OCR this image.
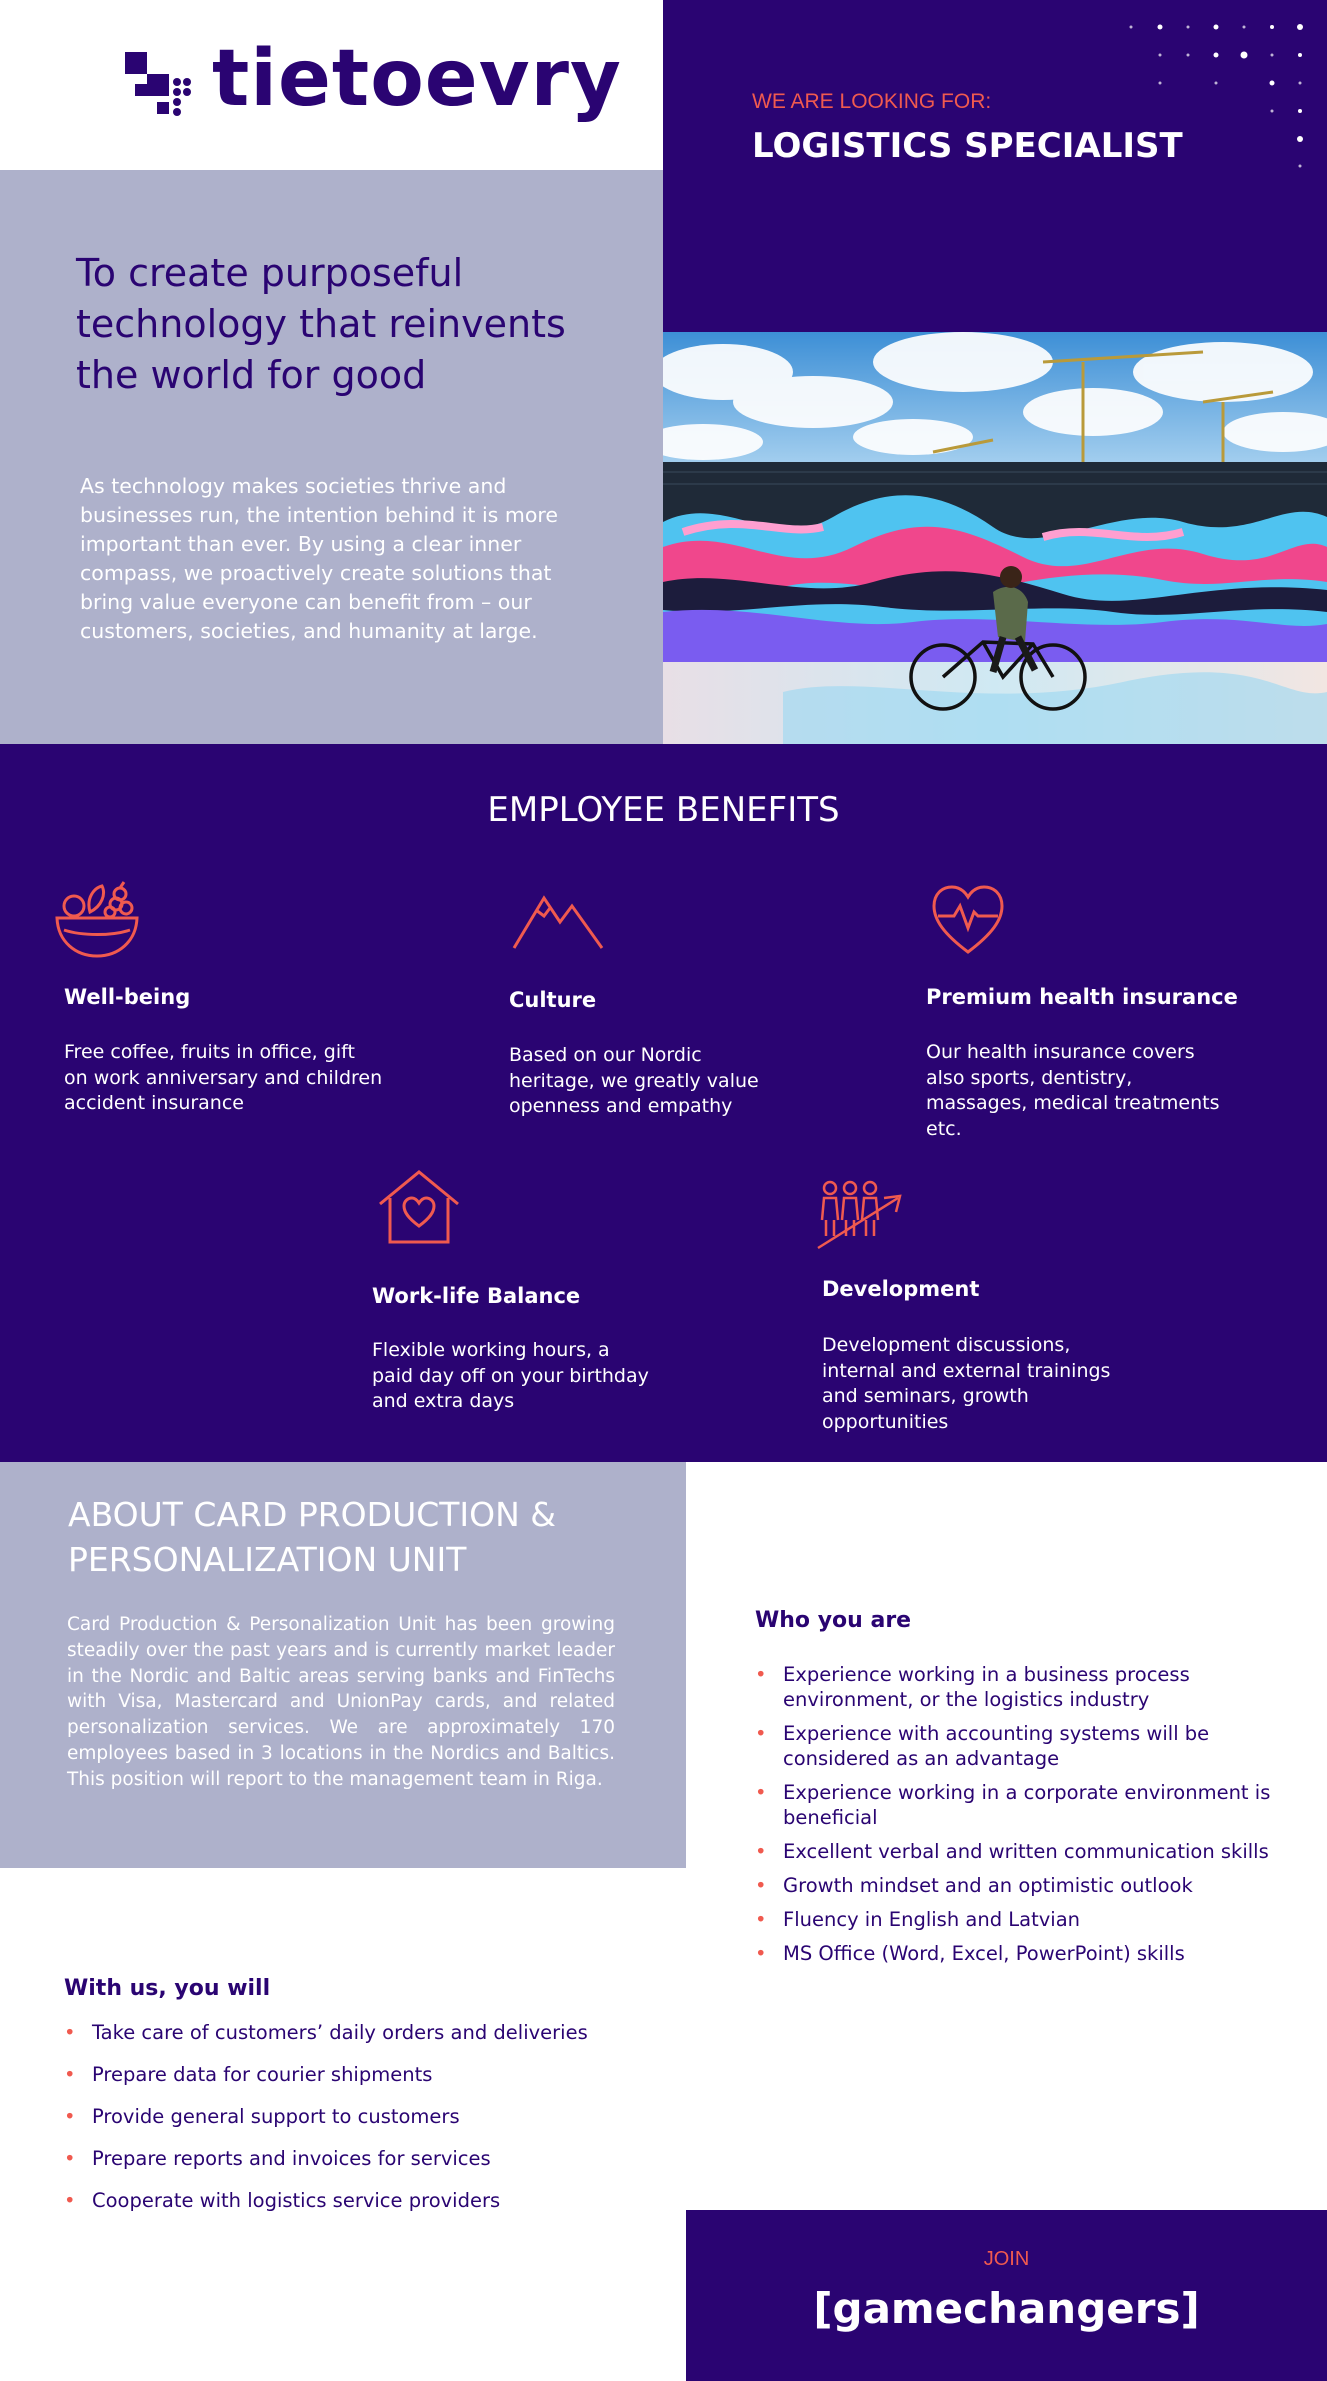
tietoevry	WE ARE LOOKING FOR:
LOGISTICS SPECIALIST
To create purposeful technology that reinvents the world for good
As technology makes societies thrive and businesses run, the intention behind it is more important than ever. By using a clear inner compass, we proactively create solutions that bring value everyone can benefit from – our customers, societies, and humanity at large.
EMPLOYEE BENEFITS
Well-being
Free coffee, fruits in office, gift on work anniversary and children accident insurance
Culture
Based on our Nordic heritage, we greatly value openness and empathy
Premium health insurance
Our health insurance covers also sports, dentistry, massages, medical treatments etc.
Work-life Balance
Flexible working hours, a paid day off on your birthday and extra days
Development
Development discussions, internal and external trainings and seminars, growth opportunities
ABOUT CARD PRODUCTION & PERSONALIZATION UNIT
Card Production & Personalization Unit has been growing steadily over the past years and is currently market leader in the Nordic and Baltic areas serving banks and FinTechs with Visa, Mastercard and UnionPay cards, and related personalization services. We are approximately 170 employees based in 3 locations in the Nordics and Baltics. This position will report to the management team in Riga.
Who you are
• Experience working in a business process environment, or the logistics industry
• Experience with accounting systems will be considered as an advantage
• Experience working in a corporate environment is beneficial
• Excellent verbal and written communication skills
• Growth mindset and an optimistic outlook
• Fluency in English and Latvian
• MS Office (Word, Excel, PowerPoint) skills
With us, you will
• Take care of customers’ daily orders and deliveries
• Prepare data for courier shipments
• Provide general support to customers
• Prepare reports and invoices for services
• Cooperate with logistics service providers
JOIN
[gamechangers]
